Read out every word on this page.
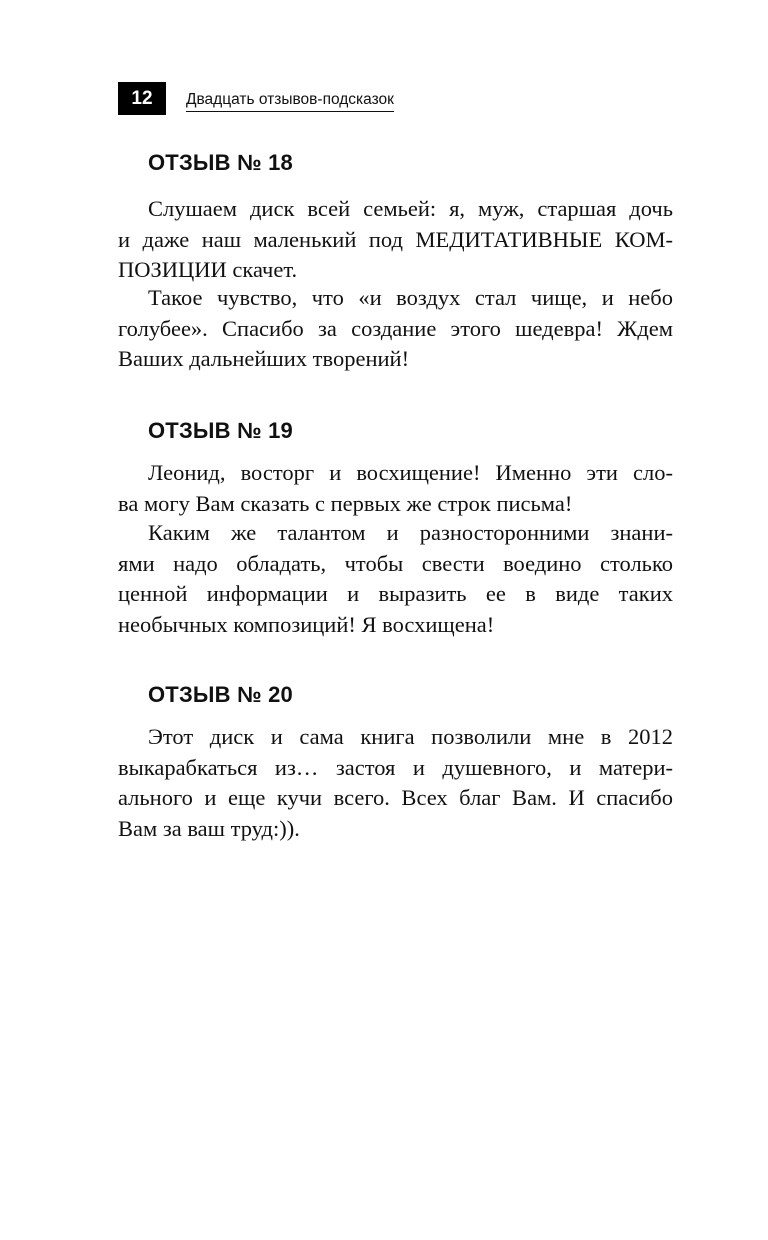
12	Двадцать отзывов-подсказок
ОТЗЫВ № 18

Слушаем диск всей семьей: я, муж, старшая дочь
и даже наш маленький под МЕДИТАТИВНЫЕ КОМ-
ПОЗИЦИИ скачет.

Такое чувство, что «и воздух стал чище, и небо
голубее». Спасибо за создание этого шедевра! Ждем
Ваших дальнейших творений!

ОТЗЫВ № 19

Леонид, восторг и восхищение! Именно эти сло-
ва могу Вам сказать с первых же строк письма!

Каким же талантом и разносторонними знани-
ями надо обладать, чтобы свести воедино столько
ценной информации и выразить ее в виде таких
необычных композиций! Я восхищена!

ОТЗЫВ № 20

Этот диск и сама книга позволили мне в 2012
выкарабкаться из… застоя и душевного, и матери-
ального и еще кучи всего. Всех благ Вам. И спасибо
Вам за ваш труд:)).
